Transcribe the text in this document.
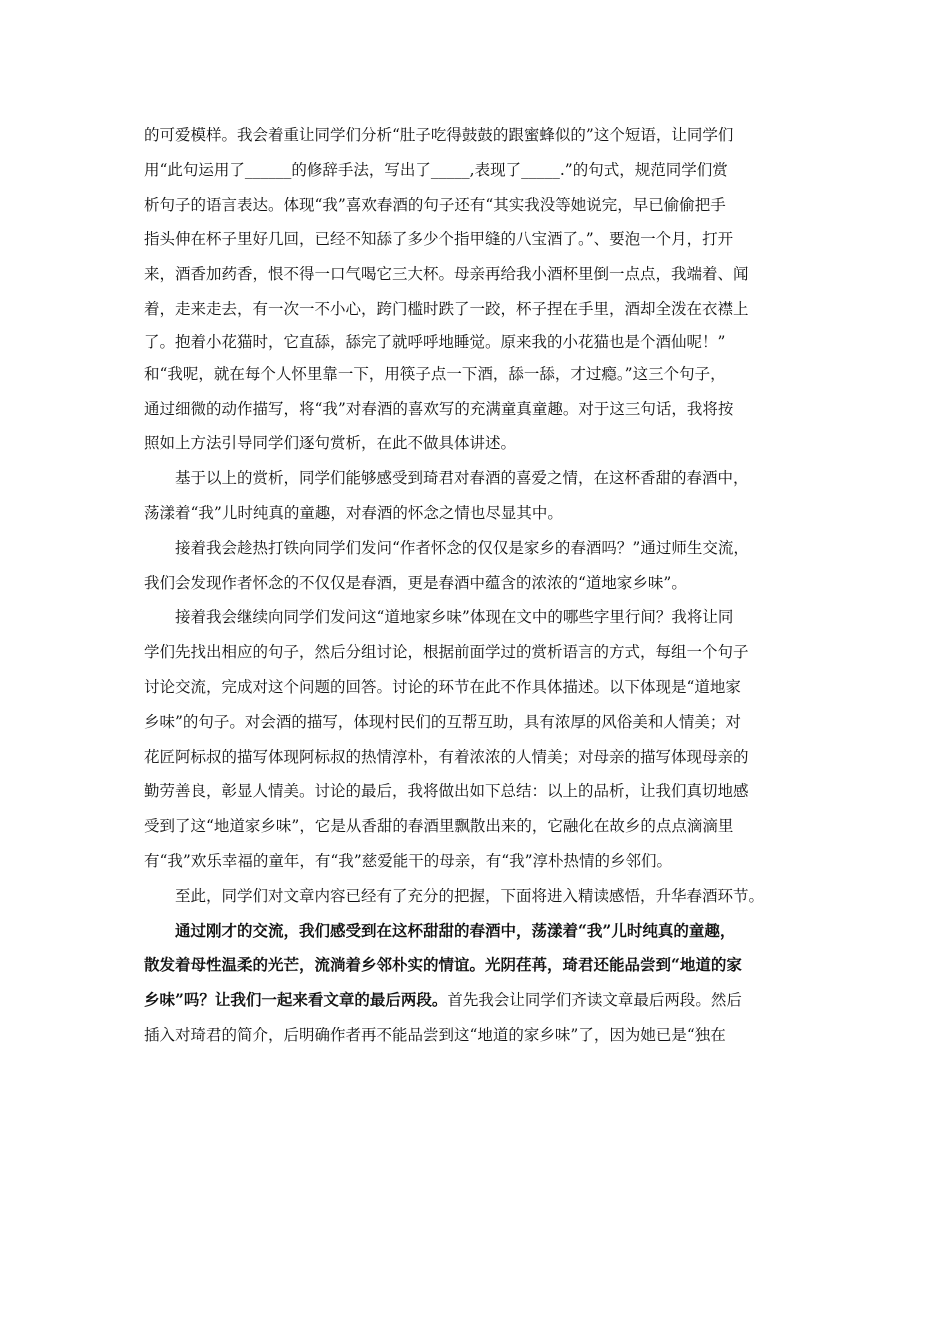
的可爱模样。我会着重让同学们分析“肚子吃得鼓鼓的跟蜜蜂似的”这个短语，让同学们
用“此句运用了______的修辞手法，写出了_____,表现了_____.”的句式，规范同学们赏
析句子的语言表达。体现“我”喜欢春酒的句子还有“其实我没等她说完，早已偷偷把手
指头伸在杯子里好几回，已经不知舔了多少个指甲缝的八宝酒了。”、要泡一个月，打开
来，酒香加药香，恨不得一口气喝它三大杯。母亲再给我小酒杯里倒一点点，我端着、闻
着，走来走去，有一次一不小心，跨门槛时跌了一跤，杯子捏在手里，酒却全泼在衣襟上
了。抱着小花猫时，它直舔，舔完了就呼呼地睡觉。原来我的小花猫也是个酒仙呢！”
和“我呢，就在每个人怀里靠一下，用筷子点一下酒，舔一舔，才过瘾。”这三个句子，
通过细微的动作描写，将“我”对春酒的喜欢写的充满童真童趣。对于这三句话，我将按
照如上方法引导同学们逐句赏析，在此不做具体讲述。
基于以上的赏析，同学们能够感受到琦君对春酒的喜爱之情，在这杯香甜的春酒中，
荡漾着“我”儿时纯真的童趣，对春酒的怀念之情也尽显其中。
接着我会趁热打铁向同学们发问“作者怀念的仅仅是家乡的春酒吗？”通过师生交流，
我们会发现作者怀念的不仅仅是春酒，更是春酒中蕴含的浓浓的“道地家乡味”。
接着我会继续向同学们发问这“道地家乡味”体现在文中的哪些字里行间？我将让同
学们先找出相应的句子，然后分组讨论，根据前面学过的赏析语言的方式，每组一个句子
讨论交流，完成对这个问题的回答。讨论的环节在此不作具体描述。以下体现是“道地家
乡味”的句子。对会酒的描写，体现村民们的互帮互助，具有浓厚的风俗美和人情美；对
花匠阿标叔的描写体现阿标叔的热情淳朴，有着浓浓的人情美；对母亲的描写体现母亲的
勤劳善良，彰显人情美。讨论的最后，我将做出如下总结：以上的品析，让我们真切地感
受到了这“地道家乡味”，它是从香甜的春酒里飘散出来的，它融化在故乡的点点滴滴里
有“我”欢乐幸福的童年，有“我”慈爱能干的母亲，有“我”淳朴热情的乡邻们。
至此，同学们对文章内容已经有了充分的把握，下面将进入精读感悟，升华春酒环节。
通过刚才的交流，我们感受到在这杯甜甜的春酒中，荡漾着“我”儿时纯真的童趣，
散发着母性温柔的光芒，流淌着乡邻朴实的情谊。光阴荏苒，琦君还能品尝到“地道的家
乡味”吗？让我们一起来看文章的最后两段。首先我会让同学们齐读文章最后两段。然后
插入对琦君的简介，后明确作者再不能品尝到这“地道的家乡味”了，因为她已是“独在
